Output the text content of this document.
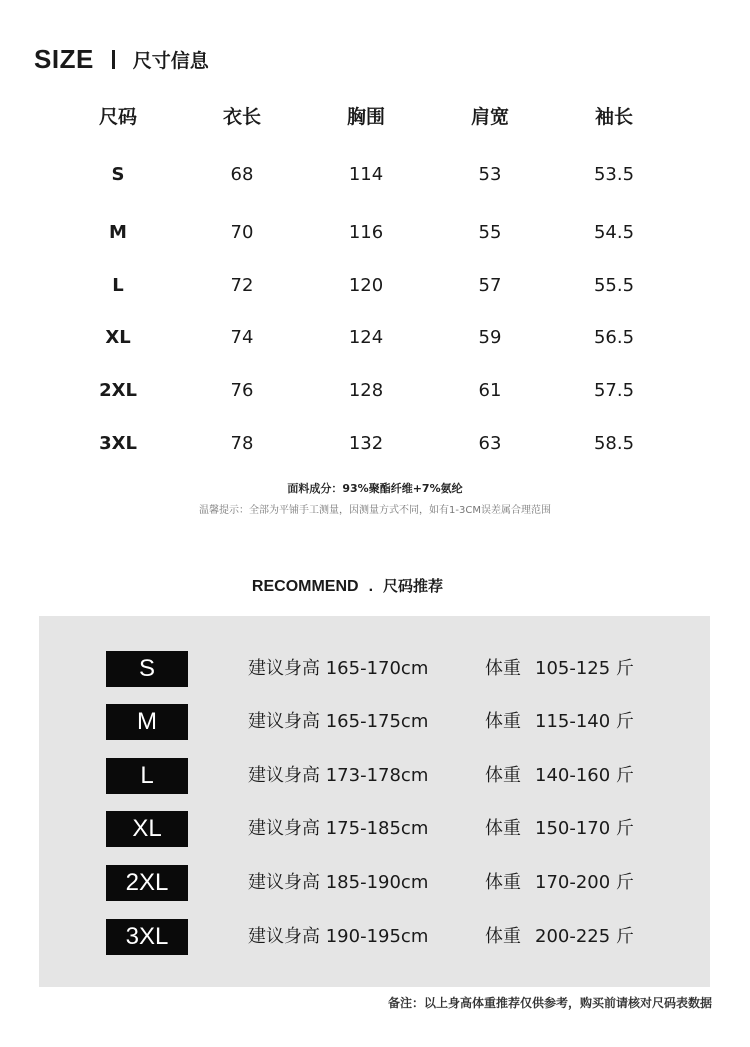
SIZE 尺寸信息
尺码	衣长	胸围	肩宽	袖长
S	68	114	53	53.5
M	70	116	55	54.5
L	72	120	57	55.5
XL	74	124	59	56.5
2XL	76	128	61	57.5
3XL	78	132	63	58.5
面料成分：93%聚酯纤维+7%氨纶
温馨提示：全部为平铺手工测量，因测量方式不同，如有1-3CM误差属合理范围
RECOMMEND . 尺码推荐
S	建议身高 165-170cm	体重 105-125 斤
M	建议身高 165-175cm	体重 115-140 斤
L	建议身高 173-178cm	体重 140-160 斤
XL	建议身高 175-185cm	体重 150-170 斤
2XL	建议身高 185-190cm	体重 170-200 斤
3XL	建议身高 190-195cm	体重 200-225 斤
备注：以上身高体重推荐仅供参考，购买前请核对尺码表数据
